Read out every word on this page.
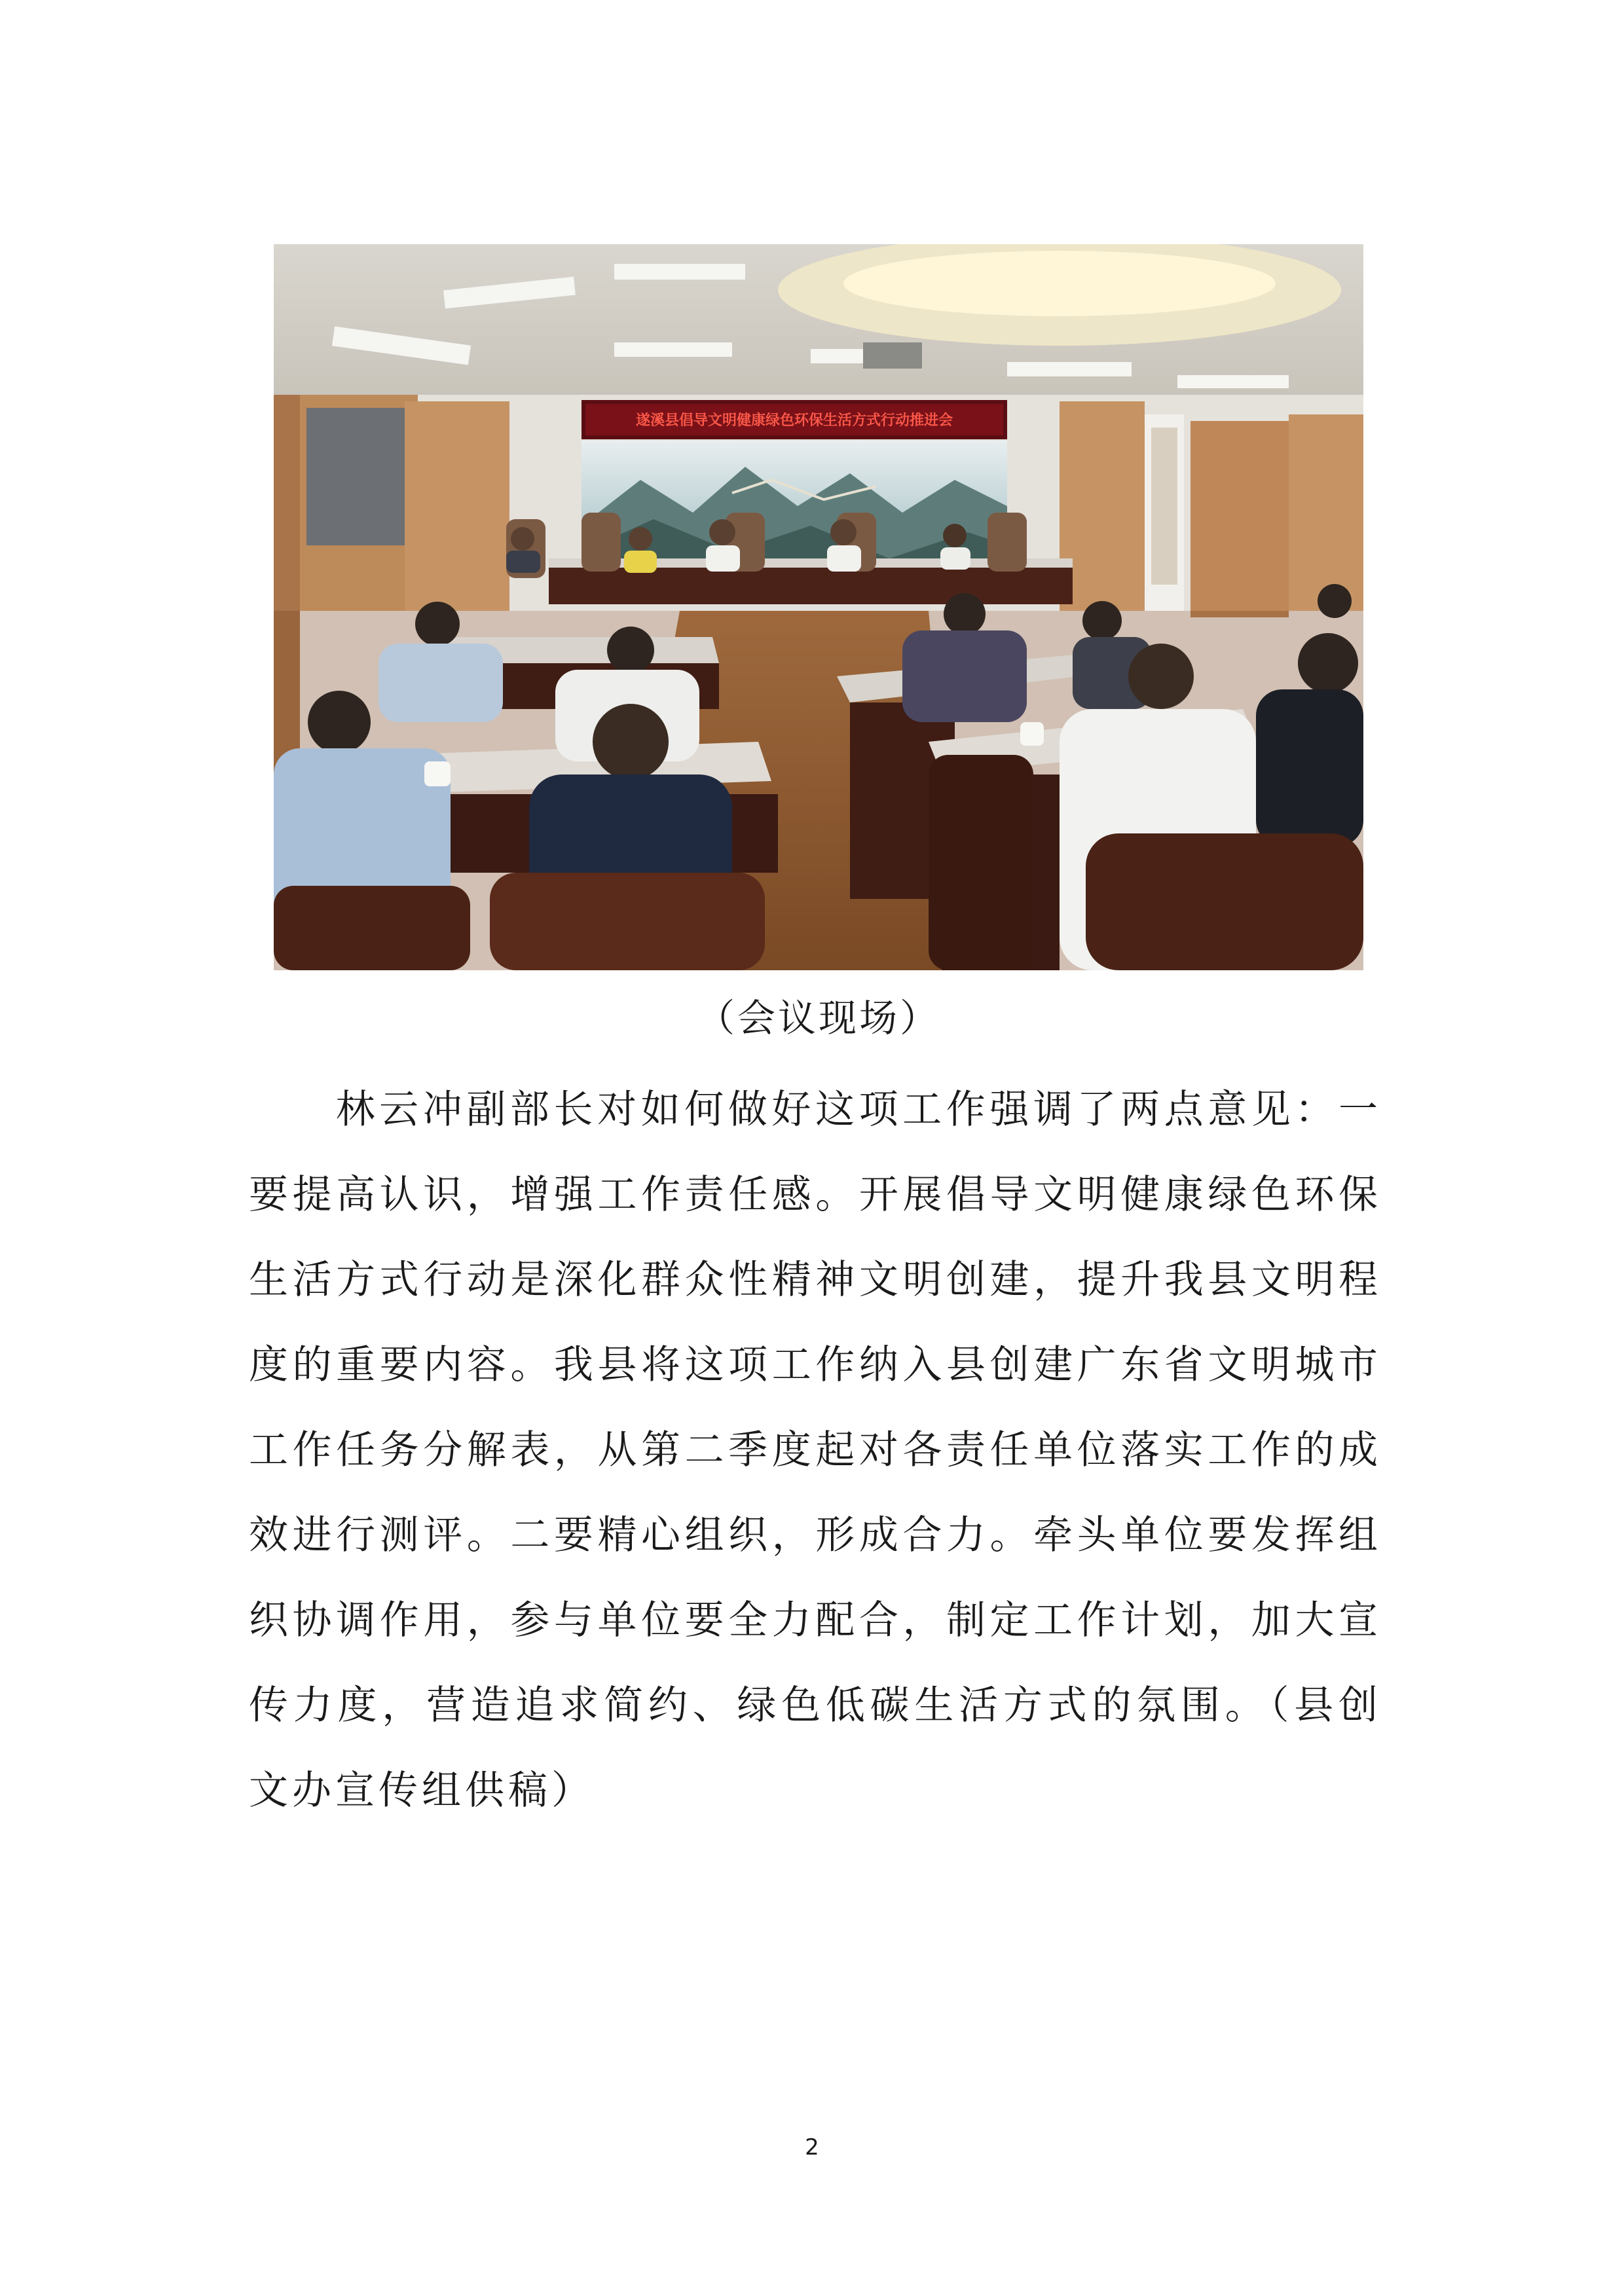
遂溪县倡导文明健康绿色环保生活方式行动推进会
（会议现场）

林云冲副部长对如何做好这项工作强调了两点意见：一要提高认识，增强工作责任感。开展倡导文明健康绿色环保生活方式行动是深化群众性精神文明创建，提升我县文明程度的重要内容。我县将这项工作纳入县创建广东省文明城市工作任务分解表，从第二季度起对各责任单位落实工作的成效进行测评。二要精心组织，形成合力。牵头单位要发挥组织协调作用，参与单位要全力配合，制定工作计划，加大宣传力度，营造追求简约、绿色低碳生活方式的氛围。（县创文办宣传组供稿）

2
